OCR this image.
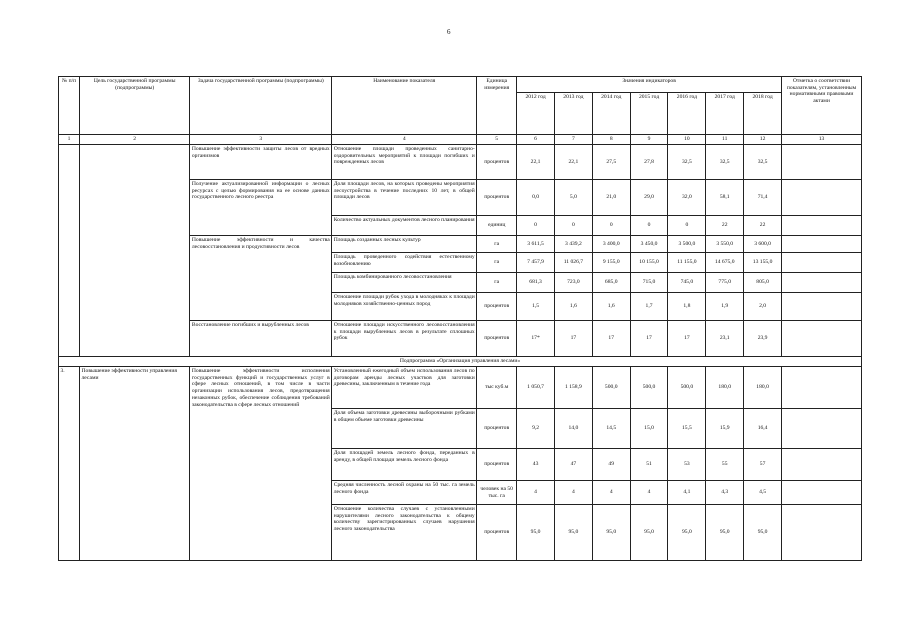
6
№ п/п	Цель государственной программы (подпрограммы)	Задача государственной программы (подпрограммы)	Наименование показателя	Единица измерения	Значения индикаторов							Отметка о соответствии показателям, установленным нормативными правовыми актами
					2012 год	2013 год	2014 год	2015 год	2016 год	2017 год	2018 год	
1	2	3	4	5	6	7	8	9	10	11	12	13
		Повышение эффективности защиты лесов от вредных организмов	Отношение площади проведенных санитарно-оздоровительных мероприятий к площади погибших и поврежденных лесов	процентов	22,1	22,1	27,5	27,8	32,5	32,5	32,5	
		Получение актуализированной информации о лесных ресурсах с целью формирования на ее основе данных государственного лесного реестра	Доля площади лесов, на которых проведены мероприятия лесоустройства в течение последних 10 лет, в общей площади лесов	процентов	0,0	5,0	21,0	29,0	32,0	58,1	71,4	
			Количество актуальных документов лесного планирования	единиц	0	0	0	0	0	22	22	
		Повышение эффективности и качества лесовосстановления и продуктивности лесов	Площадь созданных лесных культур	га	3 611,5	3 439,2	3 400,0	3 450,0	3 500,0	3 550,0	3 600,0	
			Площадь проведенного содействия естественному возобновлению	га	7 457,9	11 026,7	9 155,0	10 155,0	11 155,0	14 675,0	13 155,0	
			Площадь комбинированного лесовосстановления	га	681,3	723,0	685,0	715,0	745,0	775,0	805,0	
			Отношение площади рубок ухода в молодняках к площади молодняков хозяйственно-ценных пород	процентов	1,5	1,6	1,6	1,7	1,8	1,9	2,0	
		Восстановление погибших и вырубленных лесов	Отношение площади искусственного лесовосстановления к площади вырубленных лесов в результате сплошных рубок	процентов	17*	17	17	17	17	23,1	23,9	
Подпрограмма «Организация управления лесами»												
3.	Повышение эффективности управления лесами	Повышение эффективности исполнения государственных функций и государственных услуг в сфере лесных отношений, в том числе в части организации использования лесов, предотвращения незаконных рубок, обеспечение соблюдения требований законодательства в сфере лесных отношений	Установленный ежегодный объем использования лесов по договорам аренды лесных участков для заготовки древесины, заключенным в течение года	тыс куб.м	1 050,7	1 158,9	500,0	500,0	500,0	180,0	180,0	
			Доля объема заготовки древесины выборочными рубками в общем объеме заготовки древесины	процентов	9,2	14,0	14,5	15,0	15,5	15,9	16,4	
			Доля площадей земель лесного фонда, переданных в аренду, в общей площади земель лесного фонда	процентов	43	47	49	51	53	55	57	
			Средняя численность лесной охраны на 50 тыс. га земель лесного фонда	человек на 50 тыс. га	4	4	4	4	4,1	4,3	4,5	
			Отношение количества случаев с установленными нарушителями лесного законодательства к общему количеству зарегистрированных случаев нарушения лесного законодательства	процентов	95,0	95,0	95,0	95,0	95,0	95,0	95,0	
